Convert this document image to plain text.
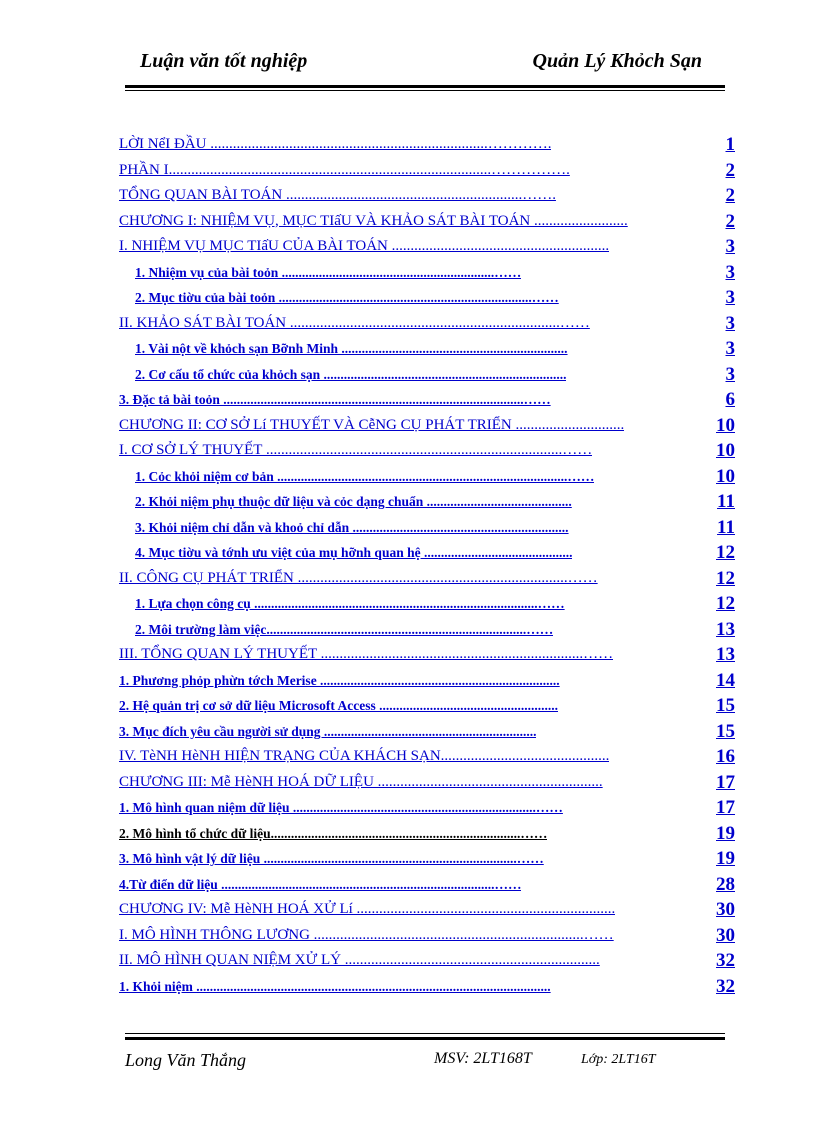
Luận văn tốt nghiệp	Quản Lý Khỏch Sạn
LỜI NểI ĐẦU ..........................................................................………….	1
PHẦN I......................................................................................…………….	2
TỔNG QUAN BÀI TOÁN ...............................................................…….	2
CHƯƠNG I: NHIỆM VỤ, MỤC TIấU VÀ KHẢO SÁT BÀI TOÁN .........................	2
I. NHIỆM VỤ MỤC TIấU CỦA BÀI TOÁN ..........................................................	3
1. Nhiệm vụ của bài toỏn ...............................................................……	3
2. Mục tiờu của bài toỏn ...........................................................................……	3
II. KHẢO SÁT BÀI TOÁN ........................................................................……	3
1. Vài nột về khỏch sạn Bỡnh Minh ...................................................................	3
2. Cơ cấu tổ chức của khỏch sạn ........................................................................	3
3. Đặc tả bài toỏn .........................................................................................……	6
CHƯƠNG II: CƠ SỞ Lí THUYẾT VÀ CễNG CỤ PHÁT TRIỂN .............................	10
I. CƠ SỞ LÝ THUYẾT ...............................................................................……	10
1. Cỏc khỏi niệm cơ bản ......................................................................................……	10
2. Khỏi niệm phụ thuộc dữ liệu và cỏc dạng chuẩn ...........................................	11
3. Khỏi niệm chỉ dẫn và khoỏ chỉ dẫn ................................................................	11
4. Mục tiờu và tớnh ưu việt của mụ hỡnh quan hệ ............................................	12
II. CÔNG CỤ PHÁT TRIỂN ........................................................................……	12
1. Lựa chọn công cụ ....................................................................................……	12
2. Môi trường làm việc.............................................................................……	13
III. TỔNG QUAN LÝ THUYẾT ......................................................................……	13
1. Phương phỏp phừn tớch Merise .......................................................................	14
2. Hệ quản trị cơ sở dữ liệu Microsoft Access .....................................................	15
3. Mục đích yêu cầu người sử dụng ...............................................................	15
IV. TèNH HèNH HIỆN TRẠNG CỦA KHÁCH SẠN.............................................	16
CHƯƠNG III: Mễ HèNH HOÁ DỮ LIỆU ............................................................	17
1. Mô hình quan niệm dữ liệu ........................................................................……	17
2. Mô hình tổ chức dữ liệu..........................................................................……	19
3. Mô hình vật lý dữ liệu ...........................................................................……	19
4.Từ điển dữ liệu .................................................................................……	28
CHƯƠNG IV: Mễ HèNH HOÁ XỬ Lí .....................................................................	30
I. MÔ HÌNH THÔNG LƯƠNG ........................................................................……	30
II. MÔ HÌNH QUAN NIỆM XỬ LÝ ....................................................................	32
1. Khỏi niệm .........................................................................................................	32
Long Văn Thắng	MSV: 2LT168T	Lớp: 2LT16T
